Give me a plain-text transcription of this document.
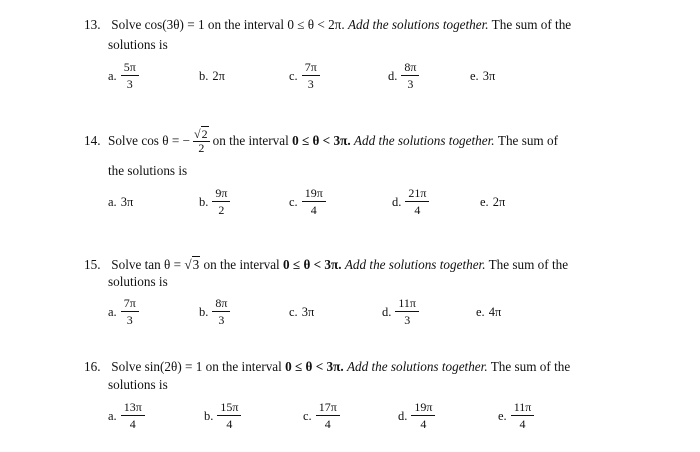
13. Solve cos(3θ) = 1 on the interval 0 ≤ θ < 2π. Add the solutions together. The sum of the
solutions is
a.
5π
3
b. 2π	c.
7π
3
d.
8π
3
e. 3π
14. Solve
cos θ = − $\frac{√2}{2}$ on the interval
0 ≤ θ < 3π.
Add the solutions together.
The sum of
the solutions is
a. 3π	b.
9π
2
c.
19π
4
d.
21π
4
e. 2π
15. Solve tan θ = √3 on the interval 0 ≤ θ < 3π. Add the solutions together. The sum of the
solutions is
a.
7π
3
b.
8π
3
c. 3π	d.
11π
3
e. 4π
16. Solve sin(2θ) = 1 on the interval 0 ≤ θ < 3π. Add the solutions together. The sum of the
solutions is
a.
13π
4
b.
15π
4
c.
17π
4
d.
19π
4
e.
11π
4
